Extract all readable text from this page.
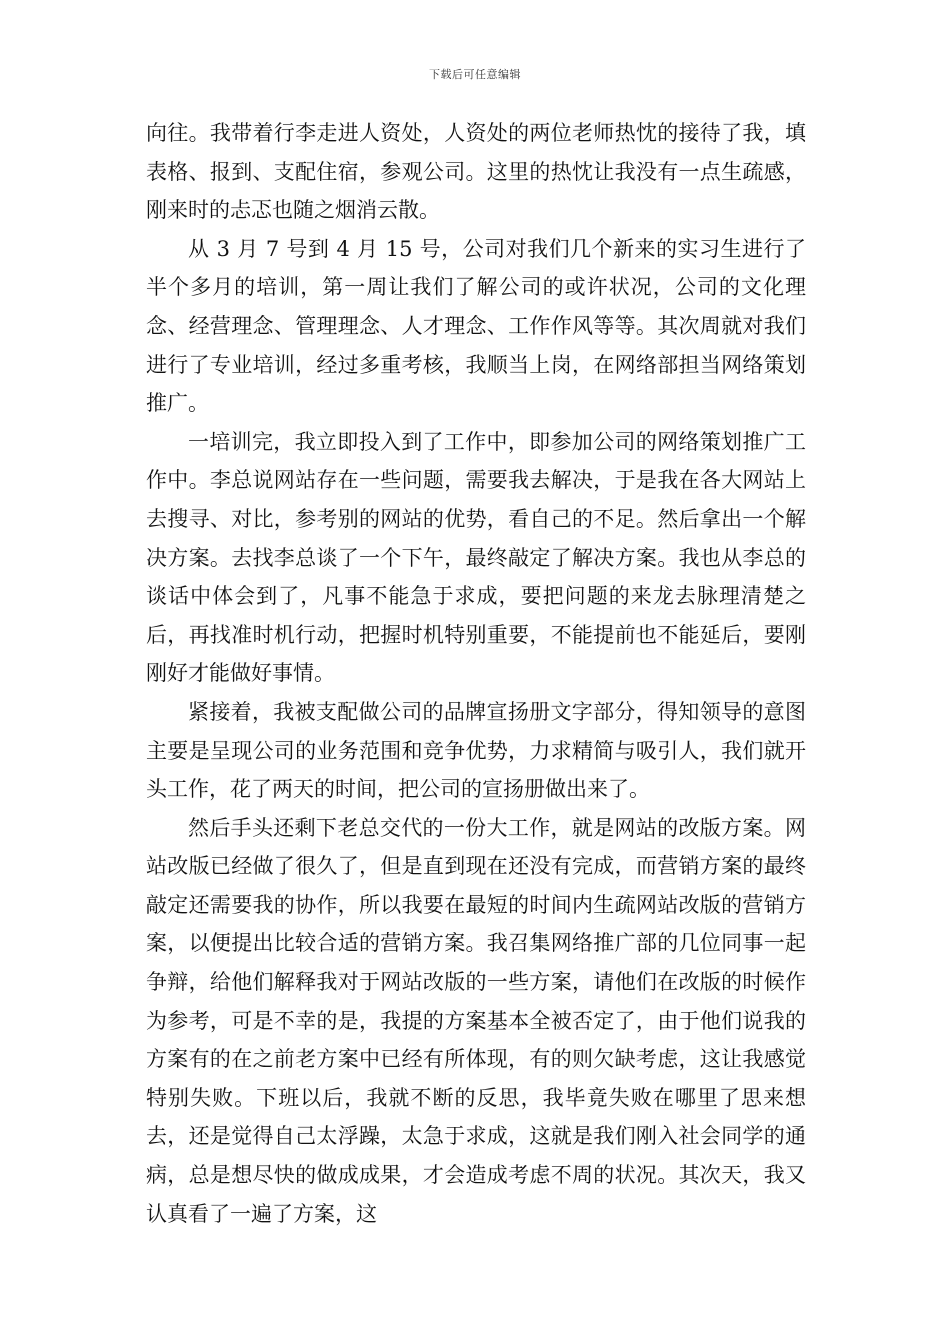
下载后可任意编辑

向往。我带着行李走进人资处，人资处的两位老师热忱的接待了我，填表格、报到、支配住宿，参观公司。这里的热忱让我没有一点生疏感，刚来时的忐忑也随之烟消云散。

从 3 月 7 号到 4 月 15 号，公司对我们几个新来的实习生进行了半个多月的培训，第一周让我们了解公司的或许状况，公司的文化理念、经营理念、管理理念、人才理念、工作作风等等。其次周就对我们进行了专业培训，经过多重考核，我顺当上岗，在网络部担当网络策划推广。

一培训完，我立即投入到了工作中，即参加公司的网络策划推广工作中。李总说网站存在一些问题，需要我去解决，于是我在各大网站上去搜寻、对比，参考别的网站的优势，看自己的不足。然后拿出一个解决方案。去找李总谈了一个下午，最终敲定了解决方案。我也从李总的谈话中体会到了，凡事不能急于求成，要把问题的来龙去脉理清楚之后，再找准时机行动，把握时机特别重要，不能提前也不能延后，要刚刚好才能做好事情。

紧接着，我被支配做公司的品牌宣扬册文字部分，得知领导的意图主要是呈现公司的业务范围和竞争优势，力求精简与吸引人，我们就开头工作，花了两天的时间，把公司的宣扬册做出来了。

然后手头还剩下老总交代的一份大工作，就是网站的改版方案。网站改版已经做了很久了，但是直到现在还没有完成，而营销方案的最终敲定还需要我的协作，所以我要在最短的时间内生疏网站改版的营销方案，以便提出比较合适的营销方案。我召集网络推广部的几位同事一起争辩，给他们解释我对于网站改版的一些方案，请他们在改版的时候作为参考，可是不幸的是，我提的方案基本全被否定了，由于他们说我的方案有的在之前老方案中已经有所体现，有的则欠缺考虑，这让我感觉特别失败。下班以后，我就不断的反思，我毕竟失败在哪里了思来想去，还是觉得自己太浮躁，太急于求成，这就是我们刚入社会同学的通病，总是想尽快的做成成果，才会造成考虑不周的状况。其次天，我又认真看了一遍了方案，这
